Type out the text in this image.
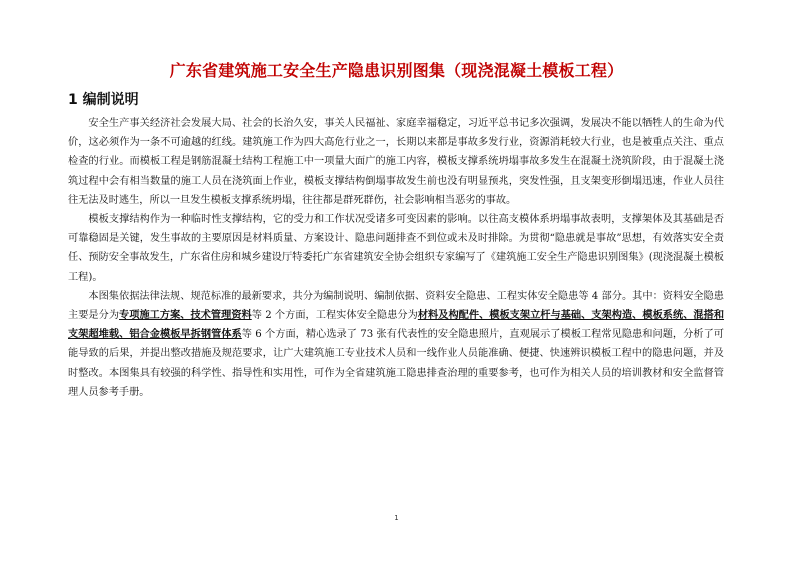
广东省建筑施工安全生产隐患识别图集（现浇混凝土模板工程）
1 编制说明

安全生产事关经济社会发展大局、社会的长治久安，事关人民福祉、家庭幸福稳定，习近平总书记多次强调，发展决不能以牺牲人的生命为代价，这必须作为一条不可逾越的红线。建筑施工作为四大高危行业之一，长期以来都是事故多发行业，资源消耗较大行业，也是被重点关注、重点检查的行业。而模板工程是钢筋混凝土结构工程施工中一项量大面广的施工内容，模板支撑系统坍塌事故多发生在混凝土浇筑阶段，由于混凝土浇筑过程中会有相当数量的施工人员在浇筑面上作业，模板支撑结构倒塌事故发生前也没有明显预兆，突发性强，且支架变形倒塌迅速，作业人员往往无法及时逃生，所以一旦发生模板支撑系统坍塌，往往都是群死群伤，社会影响相当恶劣的事故。

模板支撑结构作为一种临时性支撑结构，它的受力和工作状况受诸多可变因素的影响。以往高支模体系坍塌事故表明，支撑架体及其基础是否可靠稳固是关键，发生事故的主要原因是材料质量、方案设计、隐患问题排查不到位或未及时排除。为贯彻“隐患就是事故”思想，有效落实安全责任、预防安全事故发生，广东省住房和城乡建设厅特委托广东省建筑安全协会组织专家编写了《建筑施工安全生产隐患识别图集》(现浇混凝土模板工程)。

本图集依据法律法规、规范标准的最新要求，共分为编制说明、编制依据、资料安全隐患、工程实体安全隐患等 4 部分。其中：资料安全隐患主要是分为专项施工方案、技术管理资料等 2 个方面，工程实体安全隐患分为材料及构配件、模板支架立杆与基础、支架构造、模板系统、混搭和支架超堆载、铝合金模板早拆钢管体系等 6 个方面，精心选录了 73 张有代表性的安全隐患照片，直观展示了模板工程常见隐患和问题，分析了可能导致的后果，并提出整改措施及规范要求，让广大建筑施工专业技术人员和一线作业人员能准确、便捷、快速辨识模板工程中的隐患问题，并及时整改。本图集具有较强的科学性、指导性和实用性，可作为全省建筑施工隐患排查治理的重要参考，也可作为相关人员的培训教材和安全监督管理人员参考手册。

1
